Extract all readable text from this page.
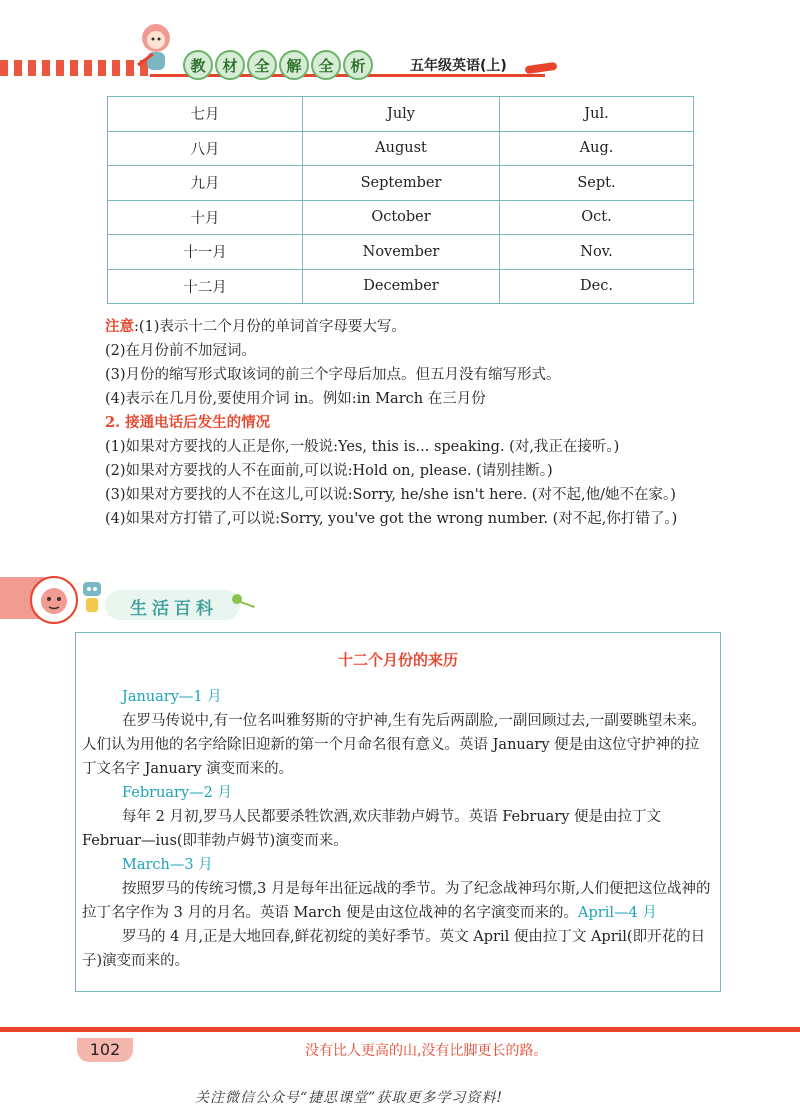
教	材	全	解	全	析	五年级英语(上)
七月	July	Jul.
八月	August	Aug.
九月	September	Sept.
十月	October	Oct.
十一月	November	Nov.
十二月	December	Dec.

注意:(1)表示十二个月份的单词首字母要大写。

(2)在月份前不加冠词。

(3)月份的缩写形式取该词的前三个字母后加点。但五月没有缩写形式。

(4)表示在几月份,要使用介词 in。例如:in March 在三月份

2. 接通电话后发生的情况

(1)如果对方要找的人正是你,一般说:Yes, this is... speaking. (对,我正在接听。)

(2)如果对方要找的人不在面前,可以说:Hold on, please. (请别挂断。)

(3)如果对方要找的人不在这儿,可以说:Sorry, he/she isn't here. (对不起,他/她不在家。)

(4)如果对方打错了,可以说:Sorry, you've got the wrong number. (对不起,你打错了。)

生活百科
十二个月份的来历

January—1 月

在罗马传说中,有一位名叫雅努斯的守护神,生有先后两副脸,一副回顾过去,一副要眺望未来。人们认为用他的名字给除旧迎新的第一个月命名很有意义。英语 January 便是由这位守护神的拉丁文名字 January 演变而来的。

February—2 月

每年 2 月初,罗马人民都要杀牲饮酒,欢庆菲勃卢姆节。英语 February 便是由拉丁文 Februar—ius(即菲勃卢姆节)演变而来。

March—3 月

按照罗马的传统习惯,3 月是每年出征远战的季节。为了纪念战神玛尔斯,人们便把这位战神的拉丁名字作为 3 月的月名。英语 March 便是由这位战神的名字演变而来的。April—4 月

罗马的 4 月,正是大地回春,鲜花初绽的美好季节。英文 April 便由拉丁文 April(即开花的日子)演变而来的。

102	没有比人更高的山,没有比脚更长的路。
关注微信公众号“捷思课堂”获取更多学习资料!
